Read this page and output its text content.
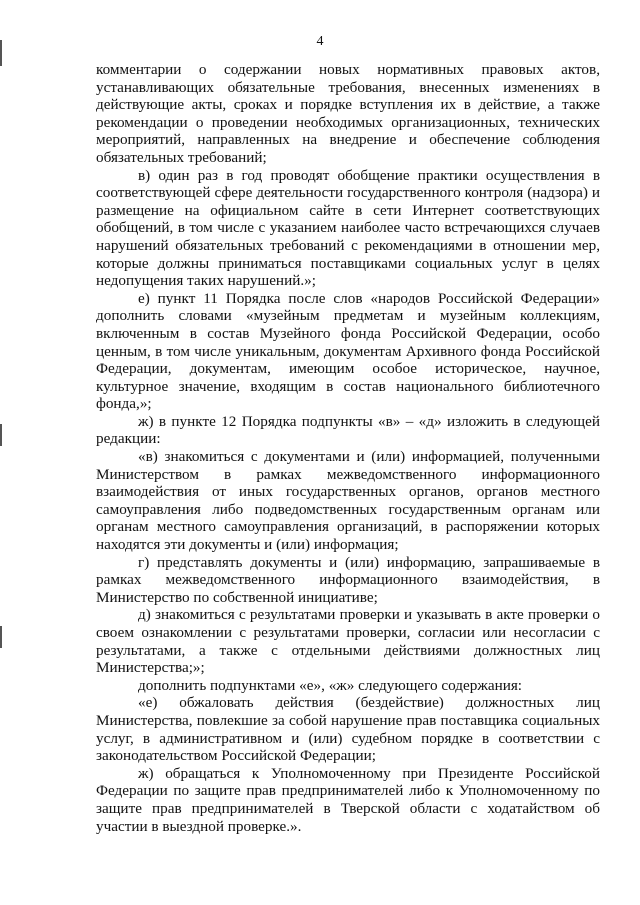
4

комментарии о содержании новых нормативных правовых актов, устанавливающих обязательные требования, внесенных изменениях в действующие акты, сроках и порядке вступления их в действие, а также рекомендации о проведении необходимых организационных, технических мероприятий, направленных на внедрение и обеспечение соблюдения обязательных требований;

в) один раз в год проводят обобщение практики осуществления в соответствующей сфере деятельности государственного контроля (надзора) и размещение на официальном сайте в сети Интернет соответствующих обобщений, в том числе с указанием наиболее часто встречающихся случаев нарушений обязательных требований с рекомендациями в отношении мер, которые должны приниматься поставщиками социальных услуг в целях недопущения таких нарушений.»;

е) пункт 11 Порядка после слов «народов Российской Федерации» дополнить словами «музейным предметам и музейным коллекциям, включенным в состав Музейного фонда Российской Федерации, особо ценным, в том числе уникальным, документам Архивного фонда Российской Федерации, документам, имеющим особое историческое, научное, культурное значение, входящим в состав национального библиотечного фонда,»;

ж) в пункте 12 Порядка подпункты «в» – «д» изложить в следующей редакции:

«в) знакомиться с документами и (или) информацией, полученными Министерством в рамках межведомственного информационного взаимодействия от иных государственных органов, органов местного самоуправления либо подведомственных государственным органам или органам местного самоуправления организаций, в распоряжении которых находятся эти документы и (или) информация;

г) представлять документы и (или) информацию, запрашиваемые в рамках межведомственного информационного взаимодействия, в Министерство по собственной инициативе;

д) знакомиться с результатами проверки и указывать в акте проверки о своем ознакомлении с результатами проверки, согласии или несогласии с результатами, а также с отдельными действиями должностных лиц Министерства;»;

дополнить подпунктами «е», «ж» следующего содержания:

«е) обжаловать действия (бездействие) должностных лиц Министерства, повлекшие за собой нарушение прав поставщика социальных услуг, в административном и (или) судебном порядке в соответствии с законодательством Российской Федерации;

ж) обращаться к Уполномоченному при Президенте Российской Федерации по защите прав предпринимателей либо к Уполномоченному по защите прав предпринимателей в Тверской области с ходатайством об участии в выездной проверке.».
